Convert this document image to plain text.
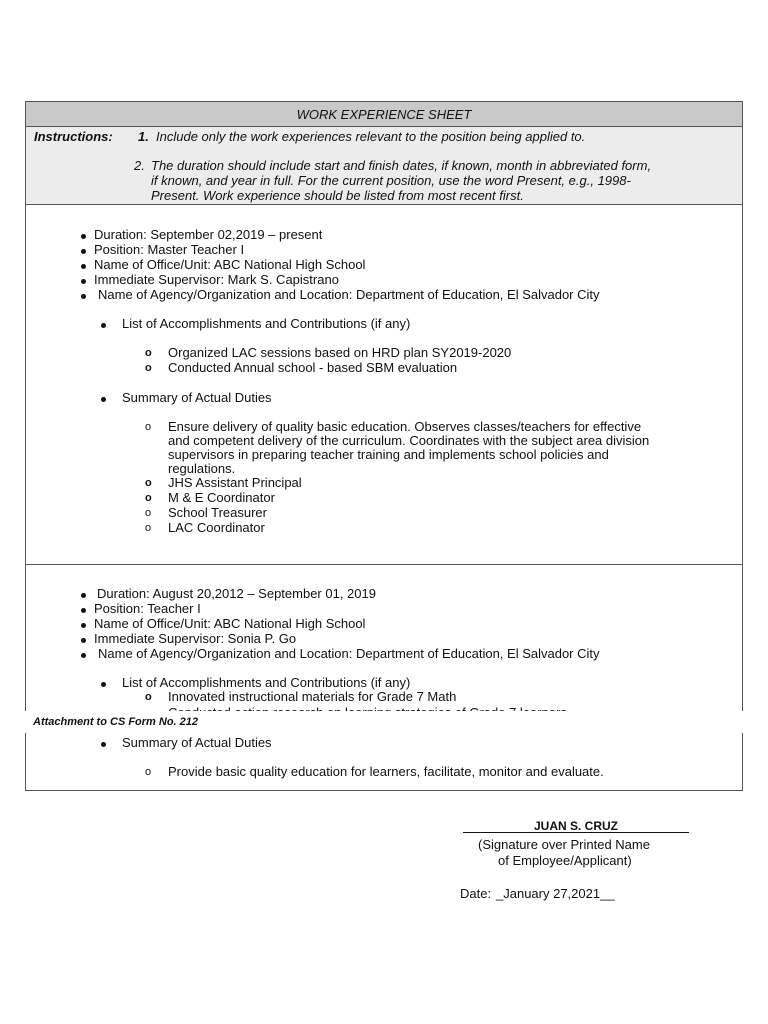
WORK EXPERIENCE SHEET
Instructions: 1. Include only the work experiences relevant to the position being applied to.
2. The duration should include start and finish dates, if known, month in abbreviated form,
if known, and year in full. For the current position, use the word Present, e.g., 1998-
Present. Work experience should be listed from most recent first.
Duration: September 02,2019 – present
Position: Master Teacher I
Name of Office/Unit: ABC National High School
Immediate Supervisor: Mark S. Capistrano
Name of Agency/Organization and Location: Department of Education, El Salvador City
List of Accomplishments and Contributions (if any)
o Organized LAC sessions based on HRD plan SY2019-2020
o Conducted Annual school - based SBM evaluation
Summary of Actual Duties
o Ensure delivery of quality basic education. Observes classes/teachers for effective
and competent delivery of the curriculum. Coordinates with the subject area division
supervisors in preparing teacher training and implements school policies and
regulations.
o JHS Assistant Principal
o M & E Coordinator
o School Treasurer
o LAC Coordinator
Duration: August 20,2012 – September 01, 2019
Position: Teacher I
Name of Office/Unit: ABC National High School
Immediate Supervisor: Sonia P. Go
Name of Agency/Organization and Location: Department of Education, El Salvador City
List of Accomplishments and Contributions (if any)
o Innovated instructional materials for Grade 7 Math
Attachment to CS Form No. 212
Summary of Actual Duties
o Provide basic quality education for learners, facilitate, monitor and evaluate.
JUAN S. CRUZ
(Signature over Printed Name
of Employee/Applicant)
Date: _January 27,2021__
